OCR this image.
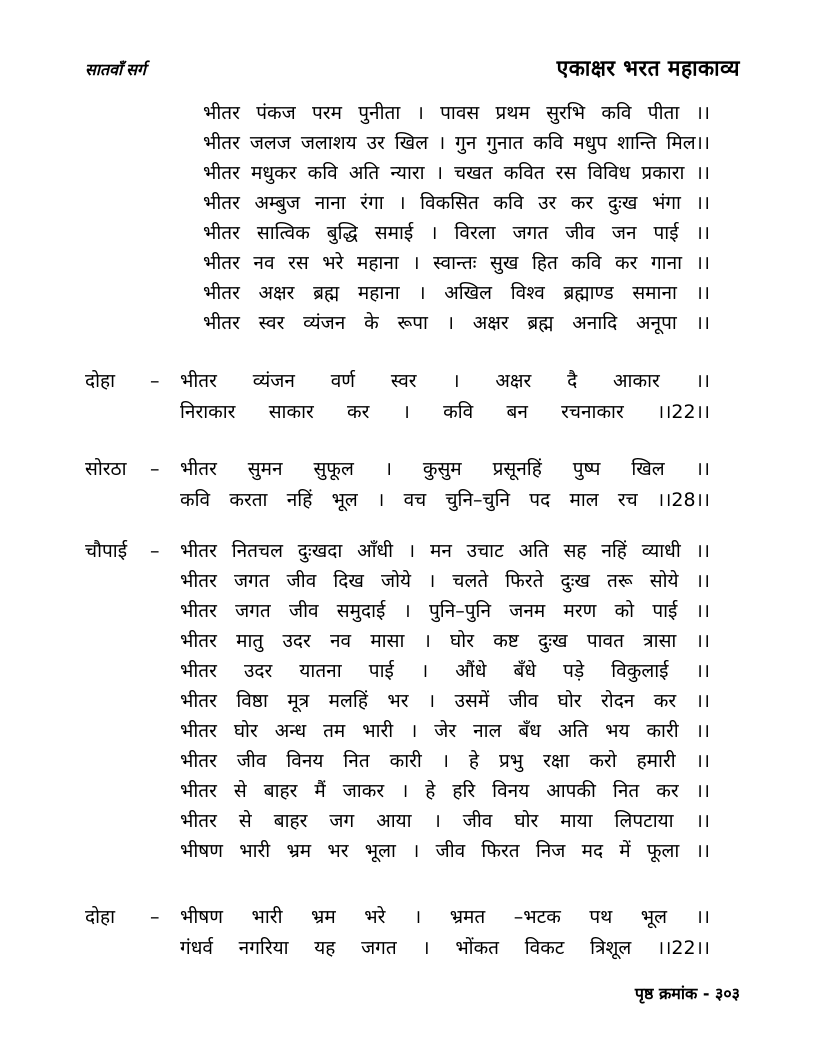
सातवाँ सर्ग	एकाक्षर भरत महाकाव्य
भीतर पंकज परम पुनीता । पावस प्रथम सुरभि कवि पीता ।।
भीतर जलज जलाशय उर खिल । गुन गुनात कवि मधुप शान्ति मिल।।
भीतर मधुकर कवि अति न्यारा । चखत कवित रस विविध प्रकारा ।।
भीतर अम्बुज नाना रंगा । विकसित कवि उर कर दुःख भंगा ।।
भीतर सात्विक बुद्धि समाई । विरला जगत जीव जन पाई ।।
भीतर नव रस भरे महाना । स्वान्तः सुख हित कवि कर गाना ।।
भीतर अक्षर ब्रह्म महाना । अखिल विश्व ब्रह्माण्ड समाना ।।
भीतर स्वर व्यंजन के रूपा । अक्षर ब्रह्म अनादि अनूपा ।।
दोहा	–	भीतर व्यंजन वर्ण स्वर । अक्षर दै आकार ।।
निराकार साकार कर । कवि बन रचनाकार ।।22।।
सोरठा	–	भीतर सुमन सुफूल । कुसुम प्रसूनहिं पुष्प खिल ।।
कवि करता नहिं भूल । वच चुनि–चुनि पद माल रच ।।28।।
चौपाई	–	भीतर नितचल दुःखदा आँधी । मन उचाट अति सह नहिं व्याधी ।।
भीतर जगत जीव दिख जोये । चलते फिरते दुःख तरू सोये ।।
भीतर जगत जीव समुदाई । पुनि–पुनि जनम मरण को पाई ।।
भीतर मातु उदर नव मासा । घोर कष्ट दुःख पावत त्रासा ।।
भीतर उदर यातना पाई । औंधे बँधे पड़े विकुलाई ।।
भीतर विष्ठा मूत्र मलहिं भर । उसमें जीव घोर रोदन कर ।।
भीतर घोर अन्ध तम भारी । जेर नाल बँध अति भय कारी ।।
भीतर जीव विनय नित कारी । हे प्रभु रक्षा करो हमारी ।।
भीतर से बाहर मैं जाकर । हे हरि विनय आपकी नित कर ।।
भीतर से बाहर जग आया । जीव घोर माया लिपटाया ।।
भीषण भारी भ्रम भर भूला । जीव फिरत निज मद में फूला ।।
दोहा	–	भीषण भारी भ्रम भरे । भ्रमत –भटक पथ भूल ।।
गंधर्व नगरिया यह जगत । भोंकत विकट त्रिशूल ।।22।।
पृष्ठ क्रमांक - ३०३
